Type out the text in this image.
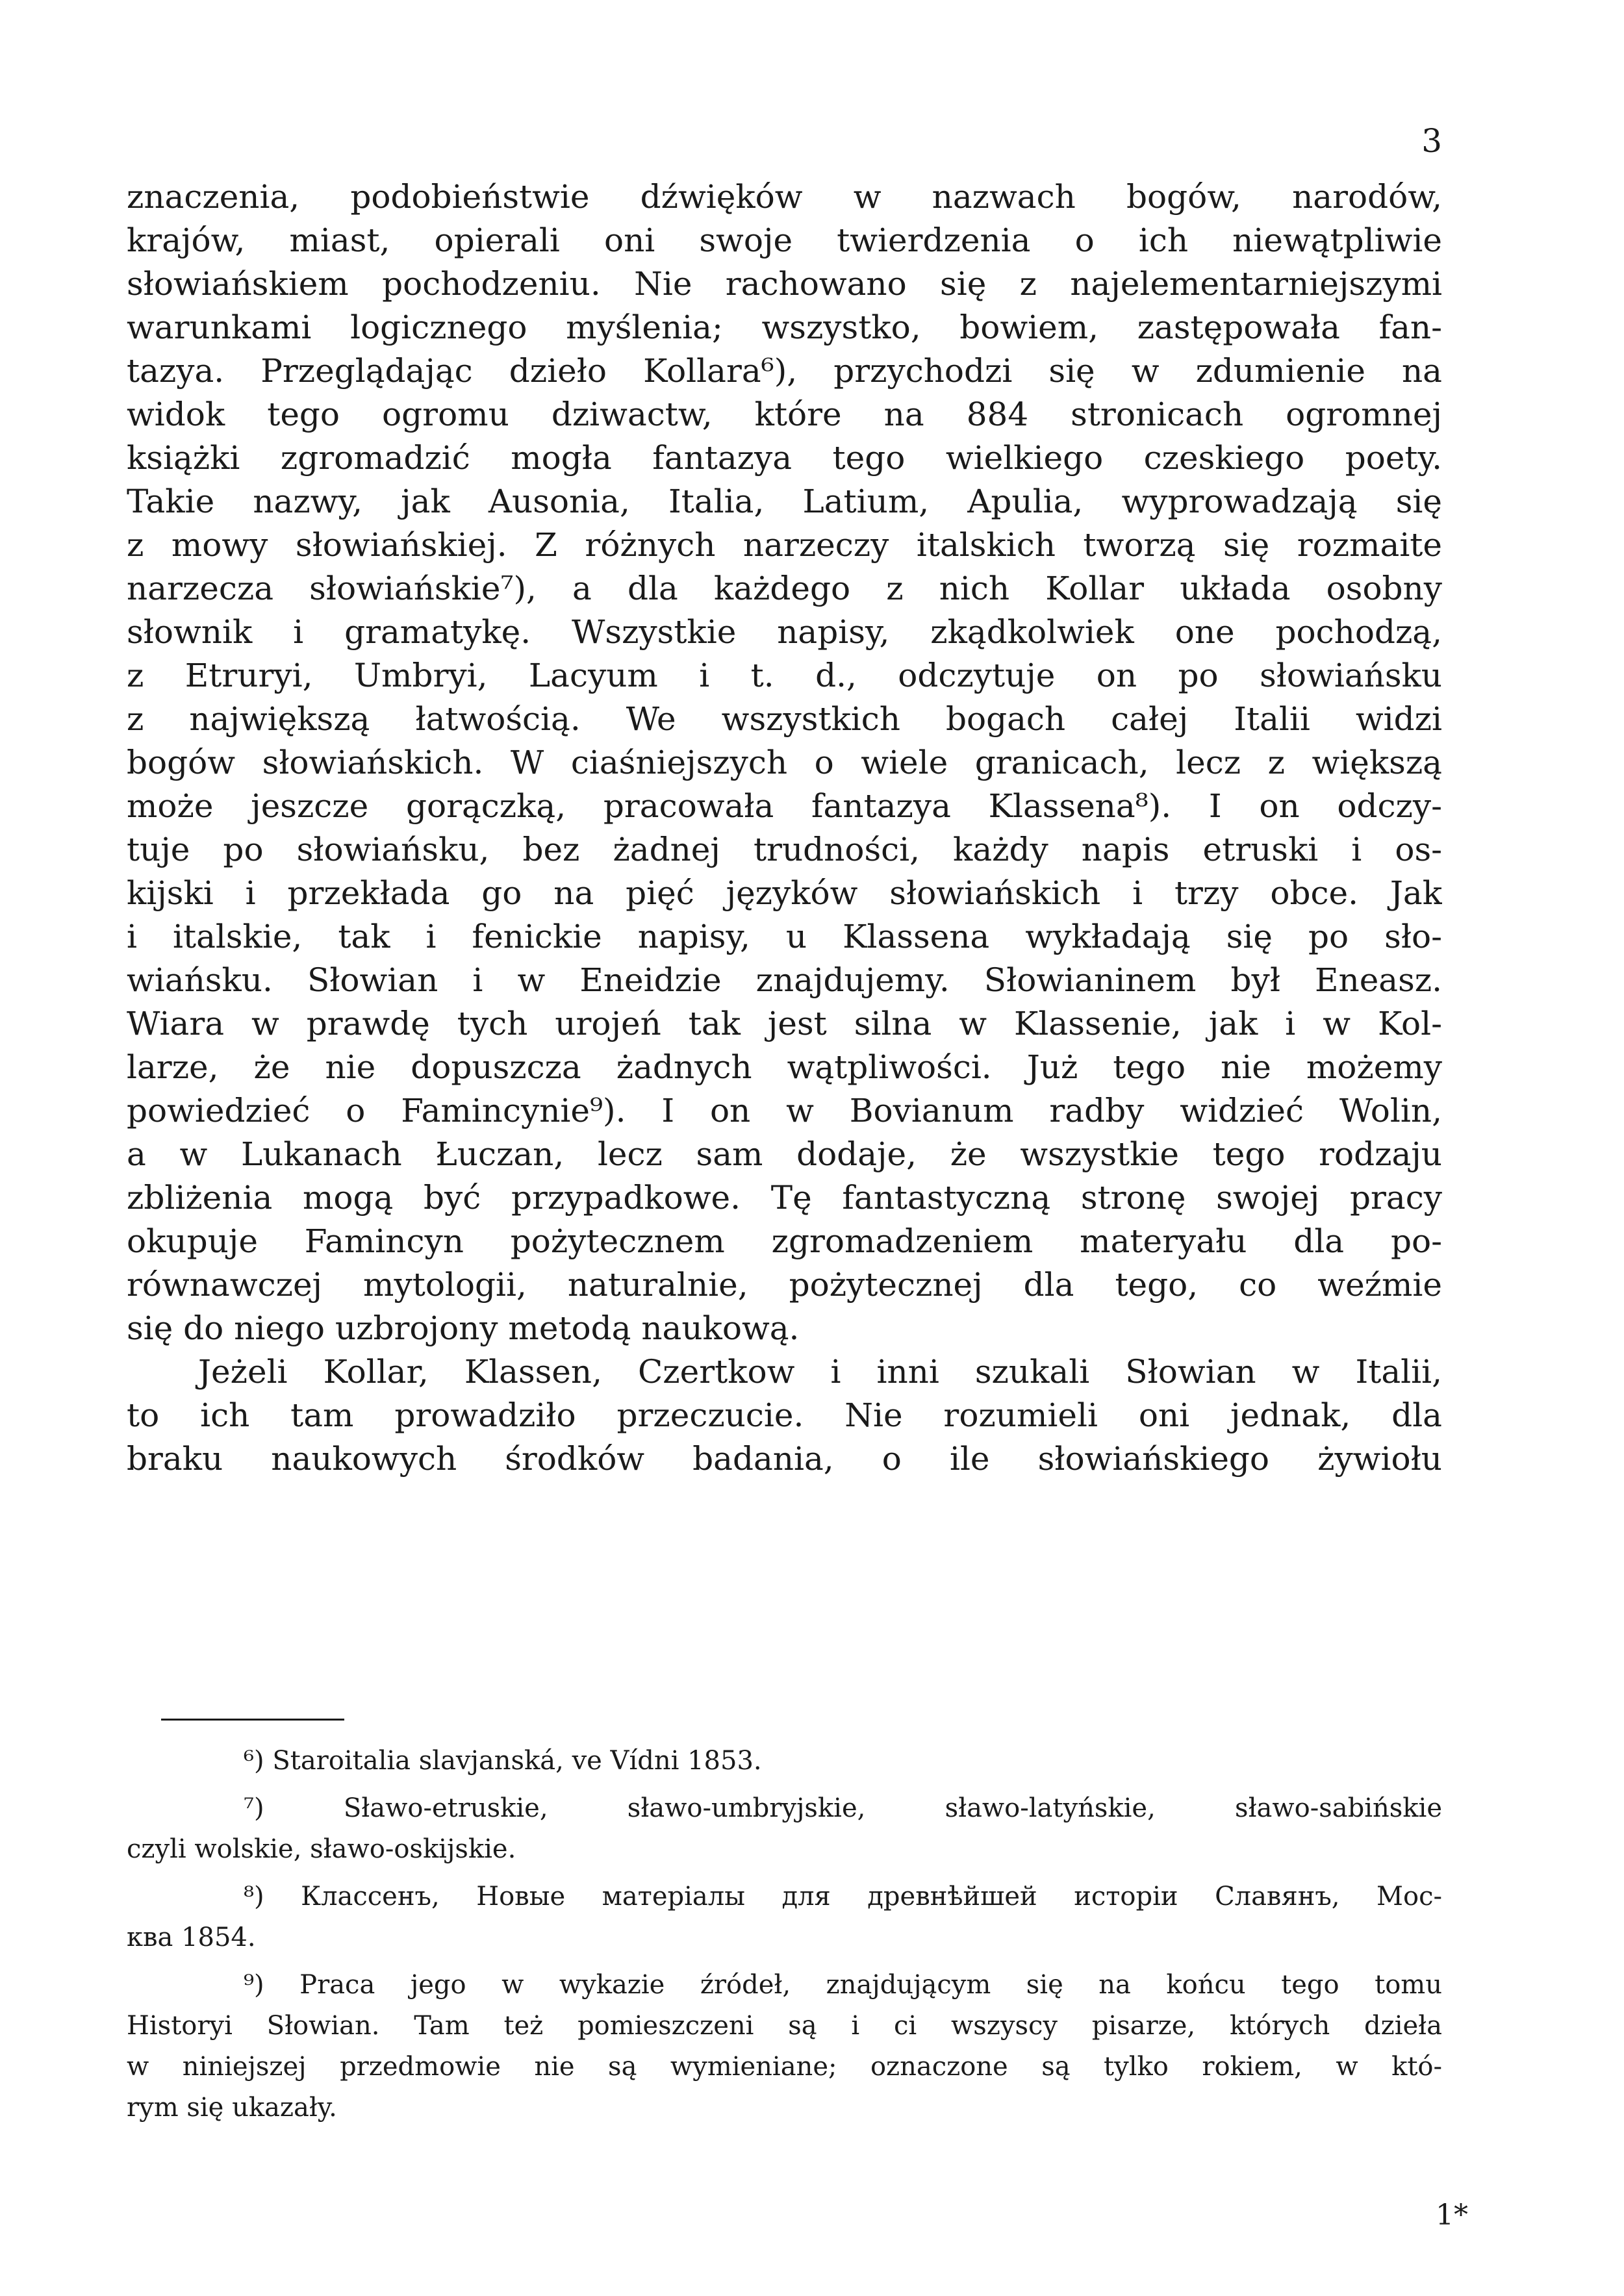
3
znaczenia, podobieństwie dźwięków w nazwach bogów, narodów,
krajów, miast, opierali oni swoje twierdzenia o ich niewątpliwie
słowiańskiem pochodzeniu. Nie rachowano się z najelementarniejszymi
warunkami logicznego myślenia; wszystko, bowiem, zastępowała fan-
tazya. Przeglądając dzieło Kollara⁶), przychodzi się w zdumienie na
widok tego ogromu dziwactw, które na 884 stronicach ogromnej
książki zgromadzić mogła fantazya tego wielkiego czeskiego poety.
Takie nazwy, jak Ausonia, Italia, Latium, Apulia, wyprowadzają się
z mowy słowiańskiej. Z różnych narzeczy italskich tworzą się rozmaite
narzecza słowiańskie⁷), a dla każdego z nich Kollar układa osobny
słownik i gramatykę. Wszystkie napisy, zkądkolwiek one pochodzą,
z Etruryi, Umbryi, Lacyum i t. d., odczytuje on po słowiańsku
z największą łatwością. We wszystkich bogach całej Italii widzi
bogów słowiańskich. W ciaśniejszych o wiele granicach, lecz z większą
może jeszcze gorączką, pracowała fantazya Klassena⁸). I on odczy-
tuje po słowiańsku, bez żadnej trudności, każdy napis etruski i os-
kijski i przekłada go na pięć języków słowiańskich i trzy obce. Jak
i italskie, tak i fenickie napisy, u Klassena wykładają się po sło-
wiańsku. Słowian i w Eneidzie znajdujemy. Słowianinem był Eneasz.
Wiara w prawdę tych urojeń tak jest silna w Klassenie, jak i w Kol-
larze, że nie dopuszcza żadnych wątpliwości. Już tego nie możemy
powiedzieć o Famincynie⁹). I on w Bovianum radby widzieć Wolin,
a w Lukanach Łuczan, lecz sam dodaje, że wszystkie tego rodzaju
zbliżenia mogą być przypadkowe. Tę fantastyczną stronę swojej pracy
okupuje Famincyn pożytecznem zgromadzeniem materyału dla po-
równawczej mytologii, naturalnie, pożytecznej dla tego, co weźmie
się do niego uzbrojony metodą naukową.
Jeżeli Kollar, Klassen, Czertkow i inni szukali Słowian w Italii,
to ich tam prowadziło przeczucie. Nie rozumieli oni jednak, dla
braku naukowych środków badania, o ile słowiańskiego żywiołu
⁶) Staroitalia slavjanská, ve Vídni 1853.
⁷) Sławo-etruskie, sławo-umbryjskie, sławo-latyńskie, sławo-sabińskie
czyli wolskie, sławo-oskijskie.
⁸) Классенъ, Новые матеріалы для древнѣйшей исторіи Славянъ, Мос-
ква 1854.
⁹) Praca jego w wykazie źródeł, znajdującym się na końcu tego tomu
Historyi Słowian. Tam też pomieszczeni są i ci wszyscy pisarze, których dzieła
w niniejszej przedmowie nie są wymieniane; oznaczone są tylko rokiem, w któ-
rym się ukazały.
1*
